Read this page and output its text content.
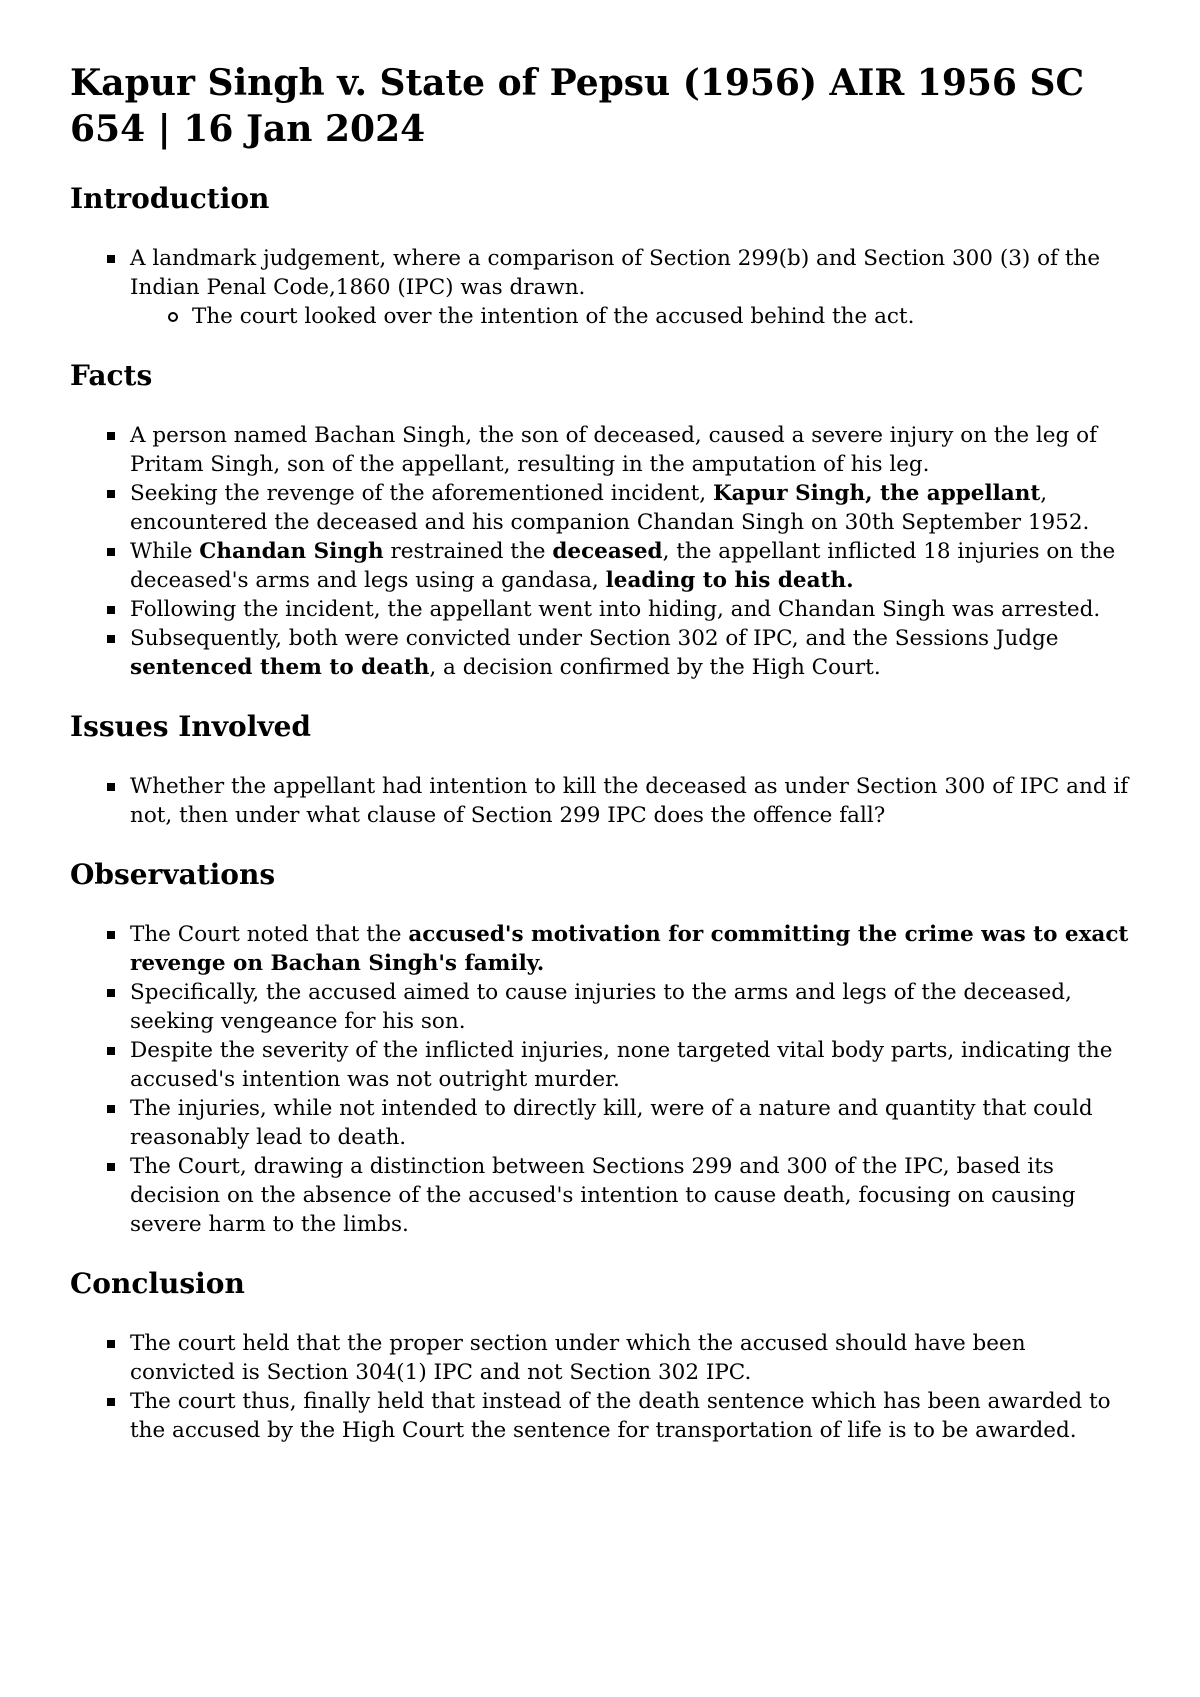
Kapur Singh v. State of Pepsu (1956) AIR 1956 SC 654 | 16 Jan 2024
Introduction
A landmark judgement, where a comparison of Section 299(b) and Section 300 (3) of the Indian Penal Code,1860 (IPC) was drawn.
The court looked over the intention of the accused behind the act.
Facts
A person named Bachan Singh, the son of deceased, caused a severe injury on the leg of Pritam Singh, son of the appellant, resulting in the amputation of his leg.
Seeking the revenge of the aforementioned incident, Kapur Singh, the appellant, encountered the deceased and his companion Chandan Singh on 30th September 1952.
While Chandan Singh restrained the deceased, the appellant inflicted 18 injuries on the deceased's arms and legs using a gandasa, leading to his death.
Following the incident, the appellant went into hiding, and Chandan Singh was arrested.
Subsequently, both were convicted under Section 302 of IPC, and the Sessions Judge sentenced them to death, a decision confirmed by the High Court.
Issues Involved
Whether the appellant had intention to kill the deceased as under Section 300 of IPC and if not, then under what clause of Section 299 IPC does the offence fall?
Observations
The Court noted that the accused's motivation for committing the crime was to exact revenge on Bachan Singh's family.
Specifically, the accused aimed to cause injuries to the arms and legs of the deceased, seeking vengeance for his son.
Despite the severity of the inflicted injuries, none targeted vital body parts, indicating the accused's intention was not outright murder.
The injuries, while not intended to directly kill, were of a nature and quantity that could reasonably lead to death.
The Court, drawing a distinction between Sections 299 and 300 of the IPC, based its decision on the absence of the accused's intention to cause death, focusing on causing severe harm to the limbs.
Conclusion
The court held that the proper section under which the accused should have been convicted is Section 304(1) IPC and not Section 302 IPC.
The court thus, finally held that instead of the death sentence which has been awarded to the accused by the High Court the sentence for transportation of life is to be awarded.
